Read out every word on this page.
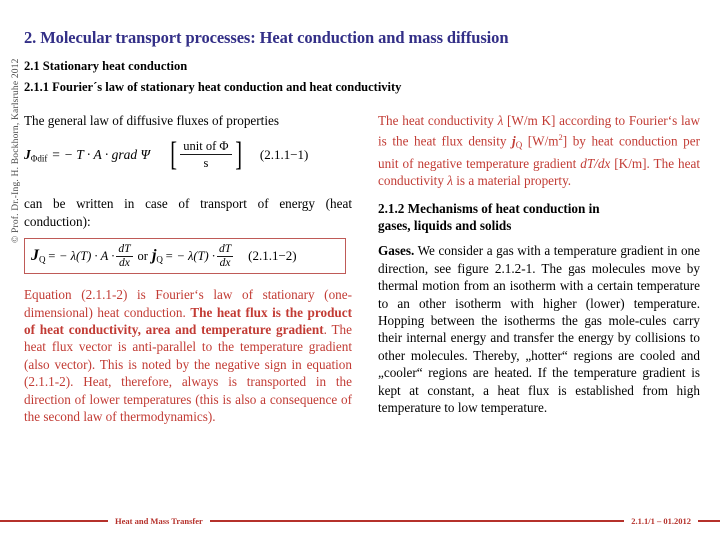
© Prof. Dr.-Ing. H. Bockhorn, Karlsruhe 2012
2. Molecular transport processes: Heat conduction and mass diffusion
2.1 Stationary heat conduction
2.1.1 Fourier´s law of stationary heat conduction and heat conductivity

The general law of diffusive fluxes of properties

$J_{\Phi dif}$ = − T · A · grad Ψ [ $\frac{\text{unit of Φ}}{s}$ ] (2.1.1−1)

can be written in case of transport of energy (heat conduction):

$J_Q$ = − $\lambda(T) \cdot A \cdot \frac{dT}{dx}$ or $j_Q$ = − $\lambda(T) \cdot \frac{dT}{dx} (2.1.1-2)$

Equation (2.1.1-2) is Fourier‘s law of stationary (one-dimensional) heat conduction. The heat flux is the product of heat conductivity, area and temperature gradient. The heat flux vector is anti-parallel to the temperature gradient (also vector). This is noted by the negative sign in equation (2.1.1-2). Heat, therefore, always is transported in the direction of lower temperatures (this is also a consequence of the second law of thermodynamics).

The heat conductivity λ [W/m K] according to Fourier‘s law is the heat flux density $j_Q$ $[W/m^2]$ by heat conduction per unit of negative temperature gradient dT/dx [K/m]. The heat conductivity λ is a material property.

2.1.2 Mechanisms of heat conduction in
gases, liquids and solids

Gases. We consider a gas with a temperature gradient in one direction, see figure 2.1.2-1. The gas molecules move by thermal motion from an isotherm with a certain temperature to an other isotherm with higher (lower) temperature. Hopping between the isotherms the gas mole-cules carry their internal energy and transfer the energy by collisions to other molecules. Thereby, „hotter“ regions are cooled and „cooler“ regions are heated. If the temperature gradient is kept at constant, a heat flux is established from high temperature to low temperature.

Heat and Mass Transfer	2.1.1/1 – 01.2012
